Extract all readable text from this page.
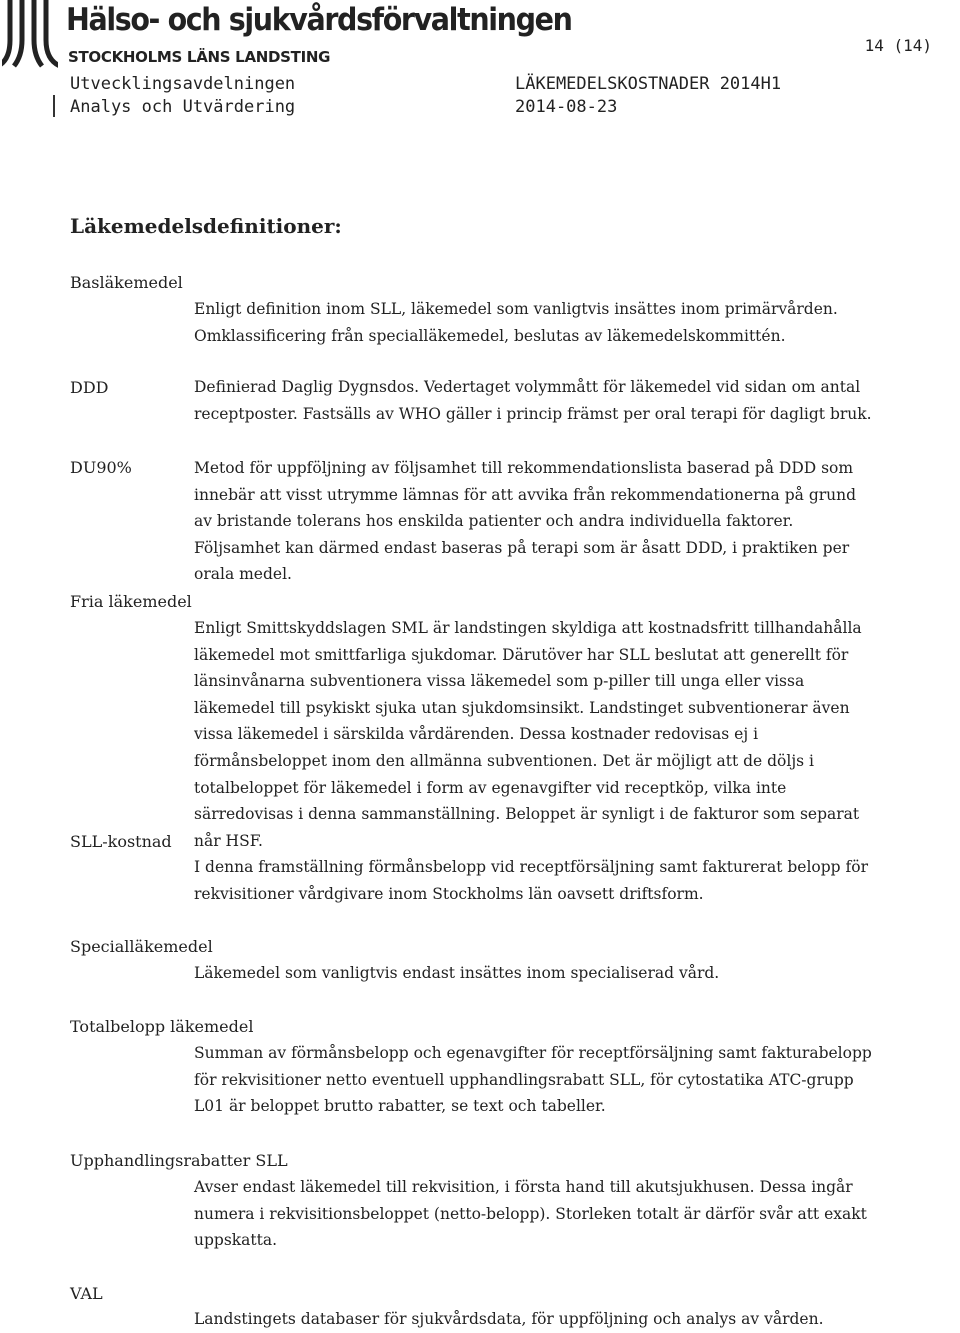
Hälso- och sjukvårdsförvaltningen
STOCKHOLMS LÄNS LANDSTING
14 (14)
Utvecklingsavdelningen
Analys och Utvärdering
LÄKEMEDELSKOSTNADER 2014H1
2014-08-23
Läkemedelsdefinitioner:
Basläkemedel

Enligt definition inom SLL, läkemedel som vanligtvis insättes inom primärvården. Omklassificering från specialläkemedel, beslutas av läkemedelskommittén.

DDD	Definierad Daglig Dygnsdos. Vedertaget volymmått för läkemedel vid sidan om antal receptposter. Fastsälls av WHO gäller i princip främst per oral terapi för dagligt bruk.

DU90%	Metod för uppföljning av följsamhet till rekommendationslista baserad på DDD som innebär att visst utrymme lämnas för att avvika från rekommendationerna på grund av bristande tolerans hos enskilda patienter och andra individuella faktorer. Följsamhet kan därmed endast baseras på terapi som är åsatt DDD, i praktiken per orala medel.

Fria läkemedel

Enligt Smittskyddslagen SML är landstingen skyldiga att kostnadsfritt tillhandahålla läkemedel mot smittfarliga sjukdomar. Därutöver har SLL beslutat att generellt för länsinvånarna subventionera vissa läkemedel som p-piller till unga eller vissa läkemedel till psykiskt sjuka utan sjukdomsinsikt. Landstinget subventionerar även vissa läkemedel i särskilda vårdärenden. Dessa kostnader redovisas ej i förmånsbeloppet inom den allmänna subventionen. Det är möjligt att de döljs i totalbeloppet för läkemedel i form av egenavgifter vid receptköp, vilka inte särredovisas i denna sammanställning. Beloppet är synligt i de fakturor som separat når HSF.

SLL-kostnad

I denna framställning förmånsbelopp vid receptförsäljning samt fakturerat belopp för rekvisitioner vårdgivare inom Stockholms län oavsett driftsform.

Specialläkemedel

Läkemedel som vanligtvis endast insättes inom specialiserad vård.

Totalbelopp läkemedel

Summan av förmånsbelopp och egenavgifter för receptförsäljning samt fakturabelopp för rekvisitioner netto eventuell upphandlingsrabatt SLL, för cytostatika ATC-grupp L01 är beloppet brutto rabatter, se text och tabeller.

Upphandlingsrabatter SLL

Avser endast läkemedel till rekvisition, i första hand till akutsjukhusen. Dessa ingår numera i rekvisitionsbeloppet (netto-belopp). Storleken totalt är därför svår att exakt uppskatta.

VAL

Landstingets databaser för sjukvårdsdata, för uppföljning och analys av vården.
